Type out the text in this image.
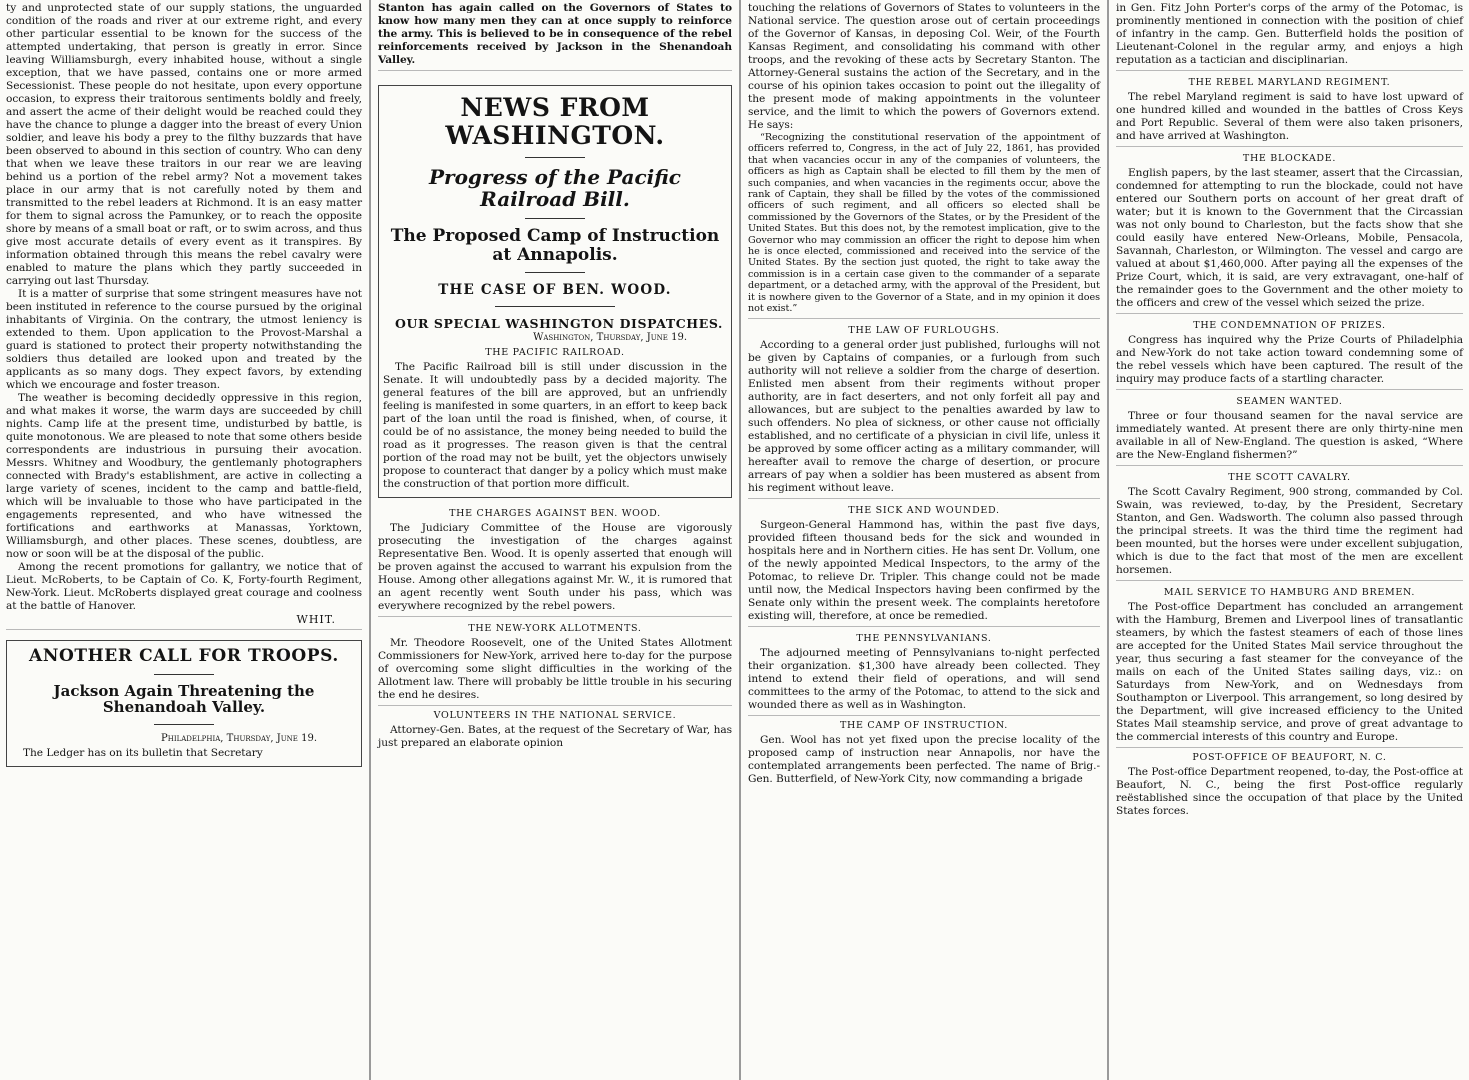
ty and unprotected state of our supply stations, the unguarded condition of the roads and river at our extreme right, and every other particular essential to be known for the success of the attempted undertaking, that person is greatly in error. Since leaving Williamsburgh, every inhabited house, without a single exception, that we have passed, contains one or more armed Secessionist. These people do not hesitate, upon every opportune occasion, to express their traitorous sentiments boldly and freely, and assert the acme of their delight would be reached could they have the chance to plunge a dagger into the breast of every Union soldier, and leave his body a prey to the filthy buzzards that have been observed to abound in this section of country. Who can deny that when we leave these traitors in our rear we are leaving behind us a portion of the rebel army? Not a movement takes place in our army that is not carefully noted by them and transmitted to the rebel leaders at Richmond. It is an easy matter for them to signal across the Pamunkey, or to reach the opposite shore by means of a small boat or raft, or to swim across, and thus give most accurate details of every event as it transpires. By information obtained through this means the rebel cavalry were enabled to mature the plans which they partly succeeded in carrying out last Thursday.

It is a matter of surprise that some stringent measures have not been instituted in reference to the course pursued by the original inhabitants of Virginia. On the contrary, the utmost leniency is extended to them. Upon application to the Provost-Marshal a guard is stationed to protect their property notwithstanding the soldiers thus detailed are looked upon and treated by the applicants as so many dogs. They expect favors, by extending which we encourage and foster treason.

The weather is becoming decidedly oppressive in this region, and what makes it worse, the warm days are succeeded by chill nights. Camp life at the present time, undisturbed by battle, is quite monotonous. We are pleased to note that some others beside correspondents are industrious in pursuing their avocation. Messrs. Whitney and Woodbury, the gentlemanly photographers connected with Brady's establishment, are active in collecting a large variety of scenes, incident to the camp and battle-field, which will be invaluable to those who have participated in the engagements represented, and who have witnessed the fortifications and earthworks at Manassas, Yorktown, Williamsburgh, and other places. These scenes, doubtless, are now or soon will be at the disposal of the public.

Among the recent promotions for gallantry, we notice that of Lieut. McRoberts, to be Captain of Co. K, Forty-fourth Regiment, New-York. Lieut. McRoberts displayed great courage and coolness at the battle of Hanover.

WHIT.
ANOTHER CALL FOR TROOPS.
Jackson Again Threatening the Shenandoah Valley.
Philadelphia, Thursday, June 19.

The Ledger has on its bulletin that Secretary

Stanton has again called on the Governors of States to know how many men they can at once supply to reinforce the army. This is believed to be in consequence of the rebel reinforcements received by Jackson in the Shenandoah Valley.

NEWS FROM WASHINGTON.
Progress of the Pacific Railroad Bill.
The Proposed Camp of Instruction at Annapolis.
THE CASE OF BEN. WOOD.
OUR SPECIAL WASHINGTON DISPATCHES.
Washington, Thursday, June 19.
THE PACIFIC RAILROAD.

The Pacific Railroad bill is still under discussion in the Senate. It will undoubtedly pass by a decided majority. The general features of the bill are approved, but an unfriendly feeling is manifested in some quarters, in an effort to keep back part of the loan until the road is finished, when, of course, it could be of no assistance, the money being needed to build the road as it progresses. The reason given is that the central portion of the road may not be built, yet the objectors unwisely propose to counteract that danger by a policy which must make the construction of that portion more difficult.

THE CHARGES AGAINST BEN. WOOD.

The Judiciary Committee of the House are vigorously prosecuting the investigation of the charges against Representative Ben. Wood. It is openly asserted that enough will be proven against the accused to warrant his expulsion from the House. Among other allegations against Mr. W., it is rumored that an agent recently went South under his pass, which was everywhere recognized by the rebel powers.

THE NEW-YORK ALLOTMENTS.

Mr. Theodore Roosevelt, one of the United States Allotment Commissioners for New-York, arrived here to-day for the purpose of overcoming some slight difficulties in the working of the Allotment law. There will probably be little trouble in his securing the end he desires.

VOLUNTEERS IN THE NATIONAL SERVICE.

Attorney-Gen. Bates, at the request of the Secretary of War, has just prepared an elaborate opinion

touching the relations of Governors of States to volunteers in the National service. The question arose out of certain proceedings of the Governor of Kansas, in deposing Col. Weir, of the Fourth Kansas Regiment, and consolidating his command with other troops, and the revoking of these acts by Secretary Stanton. The Attorney-General sustains the action of the Secretary, and in the course of his opinion takes occasion to point out the illegality of the present mode of making appointments in the volunteer service, and the limit to which the powers of Governors extend. He says:

“Recognizing the constitutional reservation of the appointment of officers referred to, Congress, in the act of July 22, 1861, has provided that when vacancies occur in any of the companies of volunteers, the officers as high as Captain shall be elected to fill them by the men of such companies, and when vacancies in the regiments occur, above the rank of Captain, they shall be filled by the votes of the commissioned officers of such regiment, and all officers so elected shall be commissioned by the Governors of the States, or by the President of the United States. But this does not, by the remotest implication, give to the Governor who may commission an officer the right to depose him when he is once elected, commissioned and received into the service of the United States. By the section just quoted, the right to take away the commission is in a certain case given to the commander of a separate department, or a detached army, with the approval of the President, but it is nowhere given to the Governor of a State, and in my opinion it does not exist.”

THE LAW OF FURLOUGHS.

According to a general order just published, furloughs will not be given by Captains of companies, or a furlough from such authority will not relieve a soldier from the charge of desertion. Enlisted men absent from their regiments without proper authority, are in fact deserters, and not only forfeit all pay and allowances, but are subject to the penalties awarded by law to such offenders. No plea of sickness, or other cause not officially established, and no certificate of a physician in civil life, unless it be approved by some officer acting as a military commander, will hereafter avail to remove the charge of desertion, or procure arrears of pay when a soldier has been mustered as absent from his regiment without leave.

THE SICK AND WOUNDED.

Surgeon-General Hammond has, within the past five days, provided fifteen thousand beds for the sick and wounded in hospitals here and in Northern cities. He has sent Dr. Vollum, one of the newly appointed Medical Inspectors, to the army of the Potomac, to relieve Dr. Tripler. This change could not be made until now, the Medical Inspectors having been confirmed by the Senate only within the present week. The complaints heretofore existing will, therefore, at once be remedied.

THE PENNSYLVANIANS.

The adjourned meeting of Pennsylvanians to-night perfected their organization. $1,300 have already been collected. They intend to extend their field of operations, and will send committees to the army of the Potomac, to attend to the sick and wounded there as well as in Washington.

THE CAMP OF INSTRUCTION.

Gen. Wool has not yet fixed upon the precise locality of the proposed camp of instruction near Annapolis, nor have the contemplated arrangements been perfected. The name of Brig.-Gen. Butterfield, of New-York City, now commanding a brigade

in Gen. Fitz John Porter's corps of the army of the Potomac, is prominently mentioned in connection with the position of chief of infantry in the camp. Gen. Butterfield holds the position of Lieutenant-Colonel in the regular army, and enjoys a high reputation as a tactician and disciplinarian.

THE REBEL MARYLAND REGIMENT.

The rebel Maryland regiment is said to have lost upward of one hundred killed and wounded in the battles of Cross Keys and Port Republic. Several of them were also taken prisoners, and have arrived at Washington.

THE BLOCKADE.

English papers, by the last steamer, assert that the Circassian, condemned for attempting to run the blockade, could not have entered our Southern ports on account of her great draft of water; but it is known to the Government that the Circassian was not only bound to Charleston, but the facts show that she could easily have entered New-Orleans, Mobile, Pensacola, Savannah, Charleston, or Wilmington. The vessel and cargo are valued at about $1,460,000. After paying all the expenses of the Prize Court, which, it is said, are very extravagant, one-half of the remainder goes to the Government and the other moiety to the officers and crew of the vessel which seized the prize.

THE CONDEMNATION OF PRIZES.

Congress has inquired why the Prize Courts of Philadelphia and New-York do not take action toward condemning some of the rebel vessels which have been captured. The result of the inquiry may produce facts of a startling character.

SEAMEN WANTED.

Three or four thousand seamen for the naval service are immediately wanted. At present there are only thirty-nine men available in all of New-England. The question is asked, “Where are the New-England fishermen?”

THE SCOTT CAVALRY.

The Scott Cavalry Regiment, 900 strong, commanded by Col. Swain, was reviewed, to-day, by the President, Secretary Stanton, and Gen. Wadsworth. The column also passed through the principal streets. It was the third time the regiment had been mounted, but the horses were under excellent subjugation, which is due to the fact that most of the men are excellent horsemen.

MAIL SERVICE TO HAMBURG AND BREMEN.

The Post-office Department has concluded an arrangement with the Hamburg, Bremen and Liverpool lines of transatlantic steamers, by which the fastest steamers of each of those lines are accepted for the United States Mail service throughout the year, thus securing a fast steamer for the conveyance of the mails on each of the United States sailing days, viz.: on Saturdays from New-York, and on Wednesdays from Southampton or Liverpool. This arrangement, so long desired by the Department, will give increased efficiency to the United States Mail steamship service, and prove of great advantage to the commercial interests of this country and Europe.

POST-OFFICE OF BEAUFORT, N. C.

The Post-office Department reopened, to-day, the Post-office at Beaufort, N. C., being the first Post-office regularly reëstablished since the occupation of that place by the United States forces.
